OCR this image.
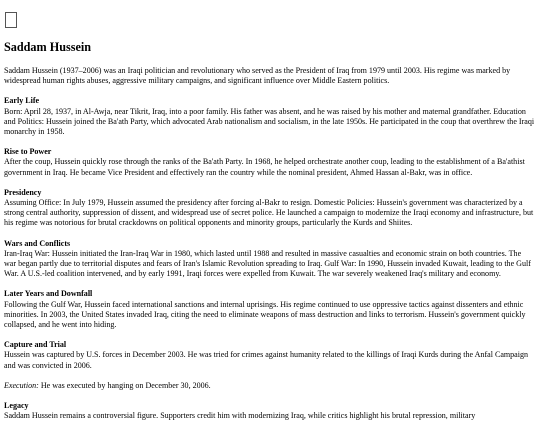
Saddam Hussein

Saddam Hussein (1937–2006) was an Iraqi politician and revolutionary who served as the President of Iraq from 1979 until 2003. His regime was marked by widespread human rights abuses, aggressive military campaigns, and significant influence over Middle Eastern politics.

Early Life
Born: April 28, 1937, in Al-Awja, near Tikrit, Iraq, into a poor family. His father was absent, and he was raised by his mother and maternal grandfather. Education and Politics: Hussein joined the Ba'ath Party, which advocated Arab nationalism and socialism, in the late 1950s. He participated in the coup that overthrew the Iraqi monarchy in 1958.
Rise to Power
After the coup, Hussein quickly rose through the ranks of the Ba'ath Party. In 1968, he helped orchestrate another coup, leading to the establishment of a Ba'athist government in Iraq. He became Vice President and effectively ran the country while the nominal president, Ahmed Hassan al-Bakr, was in office.
Presidency
Assuming Office: In July 1979, Hussein assumed the presidency after forcing al-Bakr to resign. Domestic Policies: Hussein's government was characterized by a strong central authority, suppression of dissent, and widespread use of secret police. He launched a campaign to modernize the Iraqi economy and infrastructure, but his regime was notorious for brutal crackdowns on political opponents and minority groups, particularly the Kurds and Shiites.
Wars and Conflicts
Iran-Iraq War: Hussein initiated the Iran-Iraq War in 1980, which lasted until 1988 and resulted in massive casualties and economic strain on both countries. The war began partly due to territorial disputes and fears of Iran's Islamic Revolution spreading to Iraq. Gulf War: In 1990, Hussein invaded Kuwait, leading to the Gulf War. A U.S.-led coalition intervened, and by early 1991, Iraqi forces were expelled from Kuwait. The war severely weakened Iraq's military and economy.
Later Years and Downfall
Following the Gulf War, Hussein faced international sanctions and internal uprisings. His regime continued to use oppressive tactics against dissenters and ethnic minorities. In 2003, the United States invaded Iraq, citing the need to eliminate weapons of mass destruction and links to terrorism. Hussein's government quickly collapsed, and he went into hiding.
Capture and Trial
Hussein was captured by U.S. forces in December 2003. He was tried for crimes against humanity related to the killings of Iraqi Kurds during the Anfal Campaign and was convicted in 2006.

Execution: He was executed by hanging on December 30, 2006.

Legacy
Saddam Hussein remains a controversial figure. Supporters credit him with modernizing Iraq, while critics highlight his brutal repression, military
